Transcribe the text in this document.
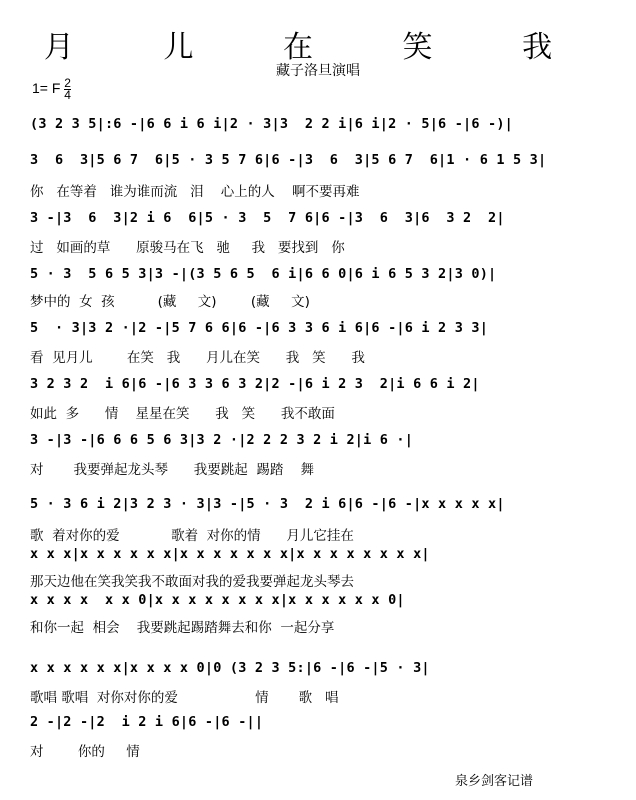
月 儿 在 笑 我
藏子洛旦演唱
1= F $\frac{2}{4}$
(3 2 3 5|:6 -|6 6 i 6 i|2 · 3|3  2 2 i|6 i|2 · 5|6 -|6 -)|
3  6  3|5 6 7  6|5 · 3 5 7 6|6 -|3  6  3|5 6 7  6|1 · 6 1 5 3|
你   在等着   谁为谁而流   泪    心上的人    啊不要再难
3 -|3  6  3|2 i 6  6|5 · 3  5  7 6|6 -|3  6  3|6  3 2  2|
过   如画的草      原骏马在飞   驰     我   要找到   你
5 · 3  5 6 5 3|3 -|(3 5 6 5  6 i|6 6 0|6 i 6 5 3 2|3 0)|
梦中的  女  孩          (藏     文)        (藏     文)
5  · 3|3 2 ·|2 -|5 7 6 6|6 -|6 3 3 6 i 6|6 -|6 i 2 3 3|
看  见月儿        在笑   我      月儿在笑      我   笑      我
3 2 3 2  i 6|6 -|6 3 3 6 3 2|2 -|6 i 2 3  2|i 6 6 i 2|
如此  多      情    星星在笑      我   笑      我不敢面
3 -|3 -|6 6 6 5 6 3|3 2 ·|2 2 2 3 2 i 2|i 6 ·|
对       我要弹起龙头琴      我要跳起  踢踏    舞
5 · 3 6 i 2|3 2 3 · 3|3 -|5 · 3  2 i 6|6 -|6 -|x x x x x|
歌  着对你的爱            歌着  对你的情      月儿它挂在
x x x|x x x x x x|x x x x x x x|x x x x x x x x|
那天边他在笑我笑我不敢面对我的爱我要弹起龙头琴去
x x x x  x x 0|x x x x x x x x|x x x x x x 0|
和你一起  相会    我要跳起踢踏舞去和你  一起分享
x x x x x x|x x x x 0|0 (3 2 3 5:|6 -|6 -|5 · 3|
歌唱 歌唱  对你对你的爱                  情       歌   唱
2 -|2 -|2  i 2 i 6|6 -|6 -||
对        你的     情
泉乡剑客记谱
